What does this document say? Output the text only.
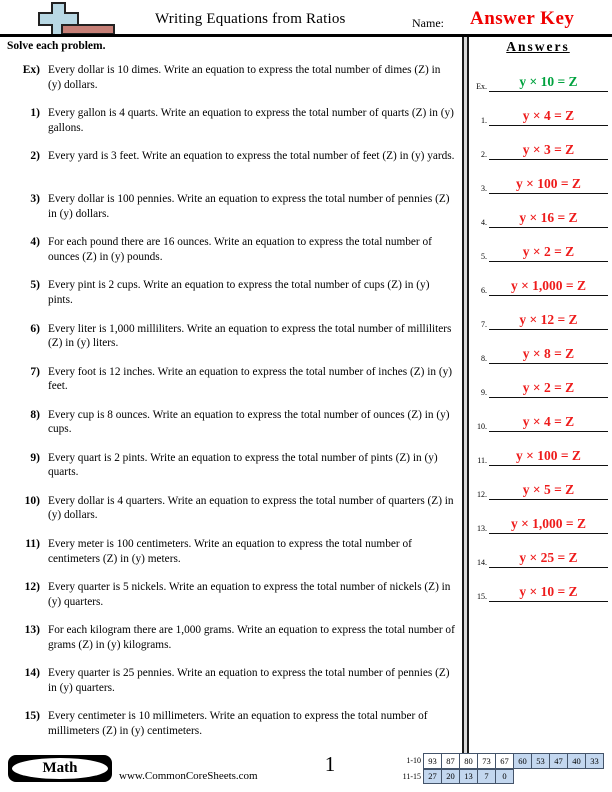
Writing Equations from Ratios	Name: Answer Key
Solve each problem.
Ex) Every dollar is 10 dimes. Write an equation to express the total number of dimes (Z) in (y) dollars.
1) Every gallon is 4 quarts. Write an equation to express the total number of quarts (Z) in (y) gallons.
2) Every yard is 3 feet. Write an equation to express the total number of feet (Z) in (y) yards.
3) Every dollar is 100 pennies. Write an equation to express the total number of pennies (Z) in (y) dollars.
4) For each pound there are 16 ounces. Write an equation to express the total number of ounces (Z) in (y) pounds.
5) Every pint is 2 cups. Write an equation to express the total number of cups (Z) in (y) pints.
6) Every liter is 1,000 milliliters. Write an equation to express the total number of milliliters (Z) in (y) liters.
7) Every foot is 12 inches. Write an equation to express the total number of inches (Z) in (y) feet.
8) Every cup is 8 ounces. Write an equation to express the total number of ounces (Z) in (y) cups.
9) Every quart is 2 pints. Write an equation to express the total number of pints (Z) in (y) quarts.
10) Every dollar is 4 quarters. Write an equation to express the total number of quarters (Z) in (y) dollars.
11) Every meter is 100 centimeters. Write an equation to express the total number of centimeters (Z) in (y) meters.
12) Every quarter is 5 nickels. Write an equation to express the total number of nickels (Z) in (y) quarters.
13) For each kilogram there are 1,000 grams. Write an equation to express the total number of grams (Z) in (y) kilograms.
14) Every quarter is 25 pennies. Write an equation to express the total number of pennies (Z) in (y) quarters.
15) Every centimeter is 10 millimeters. Write an equation to express the total number of millimeters (Z) in (y) centimeters.
Answers
Ex.	y × 10 = Z
1.	y × 4 = Z
2.	y × 3 = Z
3.	y × 100 = Z
4.	y × 16 = Z
5.	y × 2 = Z
6.	y × 1,000 = Z
7.	y × 12 = Z
8.	y × 8 = Z
9.	y × 2 = Z
10.	y × 4 = Z
11.	y × 100 = Z
12.	y × 5 = Z
13.	y × 1,000 = Z
14.	y × 25 = Z
15.	y × 10 = Z
Math	www.CommonCoreSheets.com	1	1-10 93	87	80	73	67	60	53	47	40	33
11-15 27	20	13	7	0
